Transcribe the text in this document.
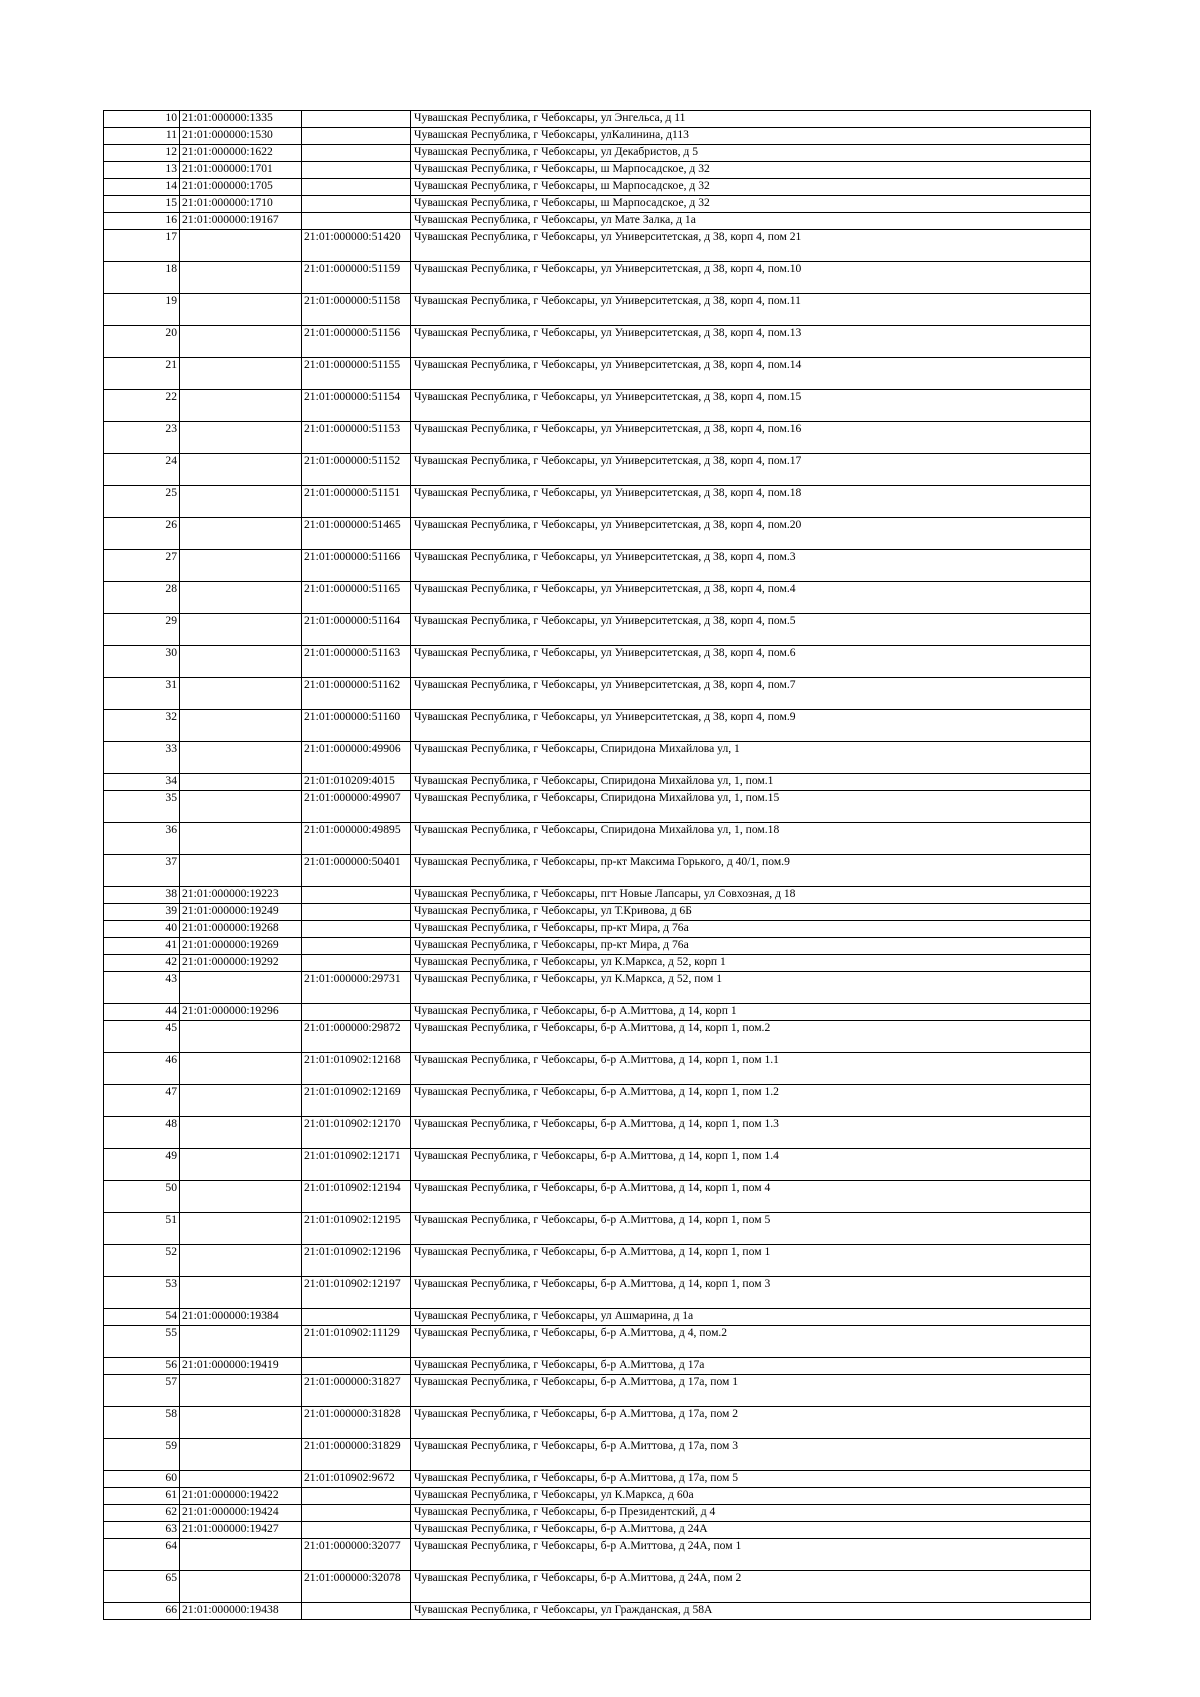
10	21:01:000000:1335		Чувашская Республика, г Чебоксары, ул Энгельса, д 11
11	21:01:000000:1530		Чувашская Республика, г Чебоксары, улКалинина, д113
12	21:01:000000:1622		Чувашская Республика, г Чебоксары, ул Декабристов, д 5
13	21:01:000000:1701		Чувашская Республика, г Чебоксары, ш Марпосадское, д 32
14	21:01:000000:1705		Чувашская Республика, г Чебоксары, ш Марпосадское, д 32
15	21:01:000000:1710		Чувашская Республика, г Чебоксары, ш Марпосадское, д 32
16	21:01:000000:19167		Чувашская Республика, г Чебоксары, ул Мате Залка, д 1а
17		21:01:000000:51420	Чувашская Республика, г Чебоксары, ул Университетская, д 38, корп 4, пом 21
18		21:01:000000:51159	Чувашская Республика, г Чебоксары, ул Университетская, д 38, корп 4, пом.10
19		21:01:000000:51158	Чувашская Республика, г Чебоксары, ул Университетская, д 38, корп 4, пом.11
20		21:01:000000:51156	Чувашская Республика, г Чебоксары, ул Университетская, д 38, корп 4, пом.13
21		21:01:000000:51155	Чувашская Республика, г Чебоксары, ул Университетская, д 38, корп 4, пом.14
22		21:01:000000:51154	Чувашская Республика, г Чебоксары, ул Университетская, д 38, корп 4, пом.15
23		21:01:000000:51153	Чувашская Республика, г Чебоксары, ул Университетская, д 38, корп 4, пом.16
24		21:01:000000:51152	Чувашская Республика, г Чебоксары, ул Университетская, д 38, корп 4, пом.17
25		21:01:000000:51151	Чувашская Республика, г Чебоксары, ул Университетская, д 38, корп 4, пом.18
26		21:01:000000:51465	Чувашская Республика, г Чебоксары, ул Университетская, д 38, корп 4, пом.20
27		21:01:000000:51166	Чувашская Республика, г Чебоксары, ул Университетская, д 38, корп 4, пом.3
28		21:01:000000:51165	Чувашская Республика, г Чебоксары, ул Университетская, д 38, корп 4, пом.4
29		21:01:000000:51164	Чувашская Республика, г Чебоксары, ул Университетская, д 38, корп 4, пом.5
30		21:01:000000:51163	Чувашская Республика, г Чебоксары, ул Университетская, д 38, корп 4, пом.6
31		21:01:000000:51162	Чувашская Республика, г Чебоксары, ул Университетская, д 38, корп 4, пом.7
32		21:01:000000:51160	Чувашская Республика, г Чебоксары, ул Университетская, д 38, корп 4, пом.9
33		21:01:000000:49906	Чувашская Республика, г Чебоксары, Спиридона Михайлова ул, 1
34		21:01:010209:4015	Чувашская Республика, г Чебоксары, Спиридона Михайлова ул, 1, пом.1
35		21:01:000000:49907	Чувашская Республика, г Чебоксары, Спиридона Михайлова ул, 1, пом.15
36		21:01:000000:49895	Чувашская Республика, г Чебоксары, Спиридона Михайлова ул, 1, пом.18
37		21:01:000000:50401	Чувашская Республика, г Чебоксары, пр-кт Максима Горького, д 40/1, пом.9
38	21:01:000000:19223		Чувашская Республика, г Чебоксары, пгт Новые Лапсары, ул Совхозная, д 18
39	21:01:000000:19249		Чувашская Республика, г Чебоксары, ул Т.Кривова, д 6Б
40	21:01:000000:19268		Чувашская Республика, г Чебоксары, пр-кт Мира, д 76а
41	21:01:000000:19269		Чувашская Республика, г Чебоксары, пр-кт Мира, д 76а
42	21:01:000000:19292		Чувашская Республика, г Чебоксары, ул К.Маркса, д 52, корп 1
43		21:01:000000:29731	Чувашская Республика, г Чебоксары, ул К.Маркса, д 52, пом 1
44	21:01:000000:19296		Чувашская Республика, г Чебоксары, б-р А.Миттова, д 14, корп 1
45		21:01:000000:29872	Чувашская Республика, г Чебоксары, б-р А.Миттова, д 14, корп 1, пом.2
46		21:01:010902:12168	Чувашская Республика, г Чебоксары, б-р А.Миттова, д 14, корп 1, пом 1.1
47		21:01:010902:12169	Чувашская Республика, г Чебоксары, б-р А.Миттова, д 14, корп 1, пом 1.2
48		21:01:010902:12170	Чувашская Республика, г Чебоксары, б-р А.Миттова, д 14, корп 1, пом 1.3
49		21:01:010902:12171	Чувашская Республика, г Чебоксары, б-р А.Миттова, д 14, корп 1, пом 1.4
50		21:01:010902:12194	Чувашская Республика, г Чебоксары, б-р А.Миттова, д 14, корп 1, пом 4
51		21:01:010902:12195	Чувашская Республика, г Чебоксары, б-р А.Миттова, д 14, корп 1, пом 5
52		21:01:010902:12196	Чувашская Республика, г Чебоксары, б-р А.Миттова, д 14, корп 1, пом 1
53		21:01:010902:12197	Чувашская Республика, г Чебоксары, б-р А.Миттова, д 14, корп 1, пом 3
54	21:01:000000:19384		Чувашская Республика, г Чебоксары, ул Ашмарина, д 1а
55		21:01:010902:11129	Чувашская Республика, г Чебоксары, б-р А.Миттова, д 4, пом.2
56	21:01:000000:19419		Чувашская Республика, г Чебоксары, б-р А.Миттова, д 17а
57		21:01:000000:31827	Чувашская Республика, г Чебоксары, б-р А.Миттова, д 17а, пом 1
58		21:01:000000:31828	Чувашская Республика, г Чебоксары, б-р А.Миттова, д 17а, пом 2
59		21:01:000000:31829	Чувашская Республика, г Чебоксары, б-р А.Миттова, д 17а, пом 3
60		21:01:010902:9672	Чувашская Республика, г Чебоксары, б-р А.Миттова, д 17а, пом 5
61	21:01:000000:19422		Чувашская Республика, г Чебоксары, ул К.Маркса, д 60а
62	21:01:000000:19424		Чувашская Республика, г Чебоксары, б-р Президентский, д 4
63	21:01:000000:19427		Чувашская Республика, г Чебоксары, б-р А.Миттова, д 24А
64		21:01:000000:32077	Чувашская Республика, г Чебоксары, б-р А.Миттова, д 24А, пом 1
65		21:01:000000:32078	Чувашская Республика, г Чебоксары, б-р А.Миттова, д 24А, пом 2
66	21:01:000000:19438		Чувашская Республика, г Чебоксары, ул Гражданская, д 58А
